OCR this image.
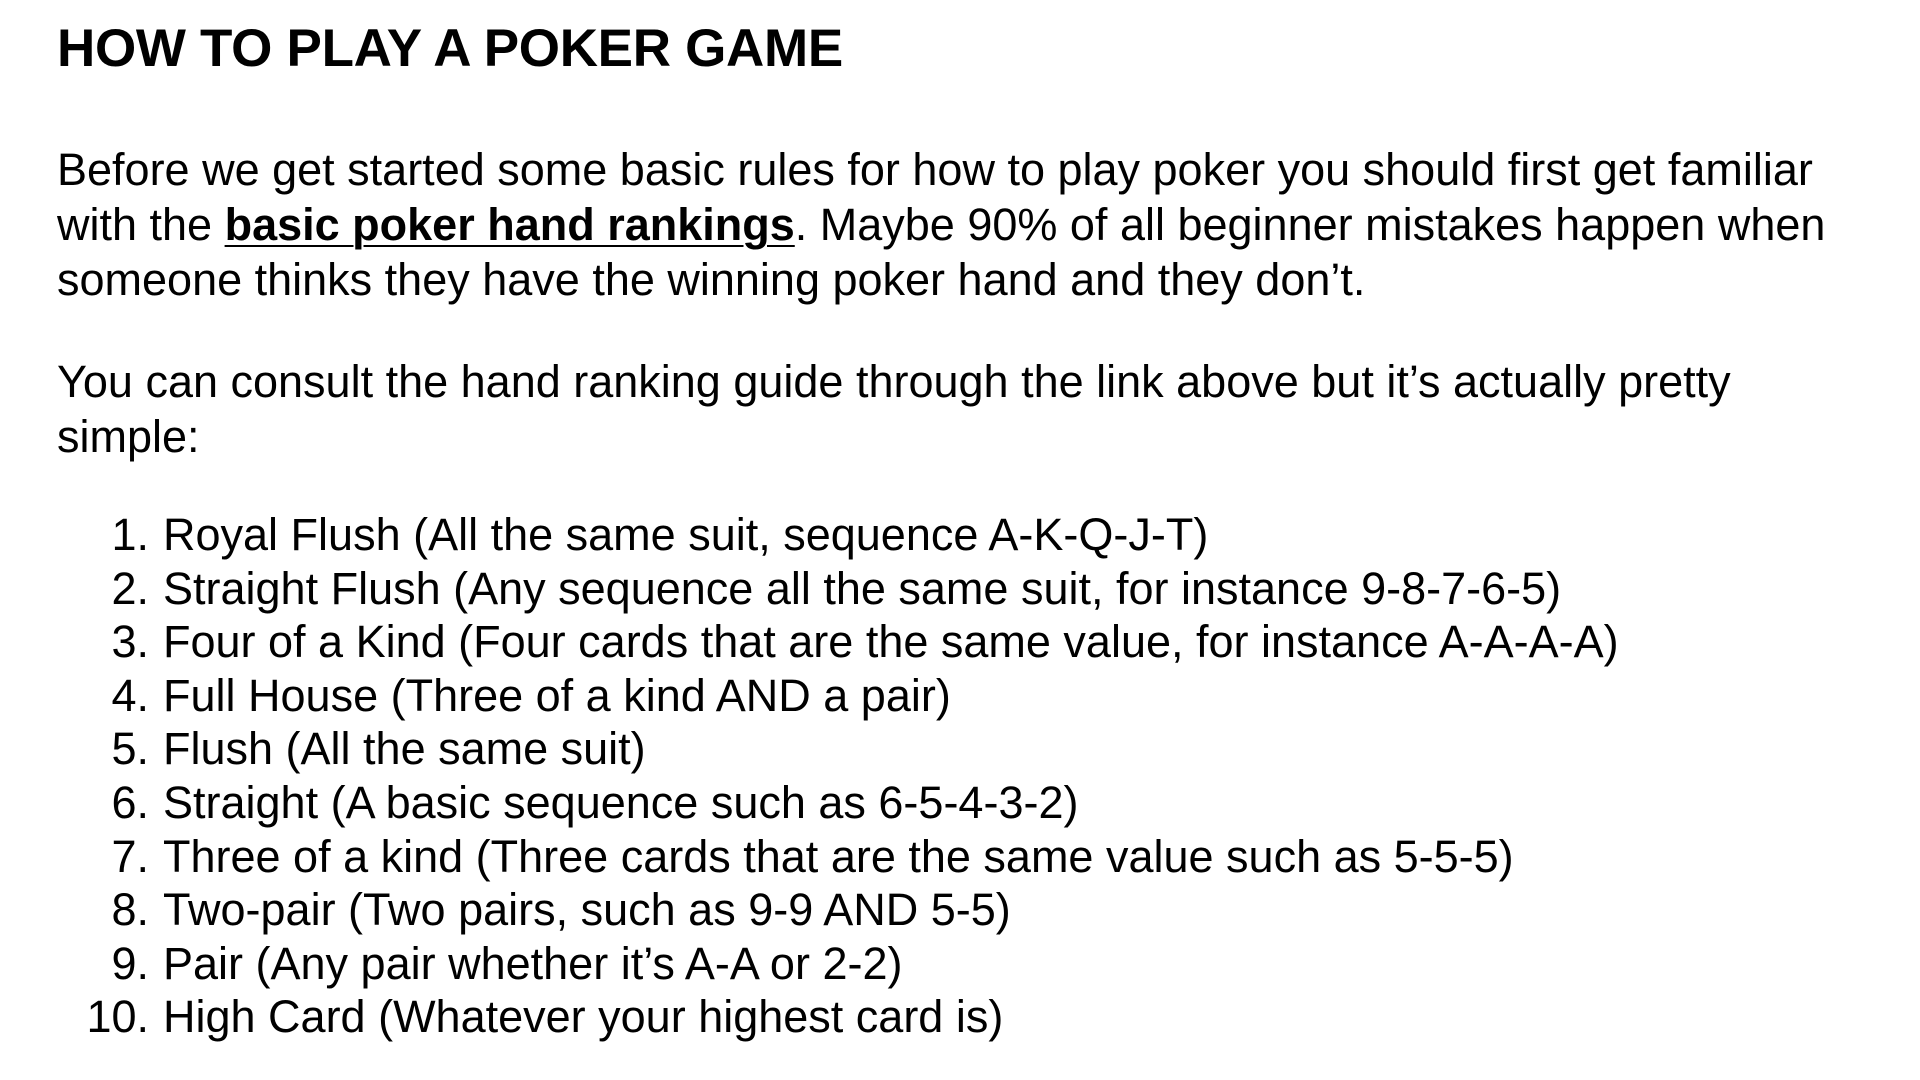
HOW TO PLAY A POKER GAME

Before we get started some basic rules for how to play poker you should first get familiar
with the basic poker hand rankings. Maybe 90% of all beginner mistakes happen when
someone thinks they have the winning poker hand and they don’t.

You can consult the hand ranking guide through the link above but it’s actually pretty
simple:

1. Royal Flush (All the same suit, sequence A-K-Q-J-T)
2. Straight Flush (Any sequence all the same suit, for instance 9-8-7-6-5)
3. Four of a Kind (Four cards that are the same value, for instance A-A-A-A)
4. Full House (Three of a kind AND a pair)
5. Flush (All the same suit)
6. Straight (A basic sequence such as 6-5-4-3-2)
7. Three of a kind (Three cards that are the same value such as 5-5-5)
8. Two-pair (Two pairs, such as 9-9 AND 5-5)
9. Pair (Any pair whether it’s A-A or 2-2)
10. High Card (Whatever your highest card is)
